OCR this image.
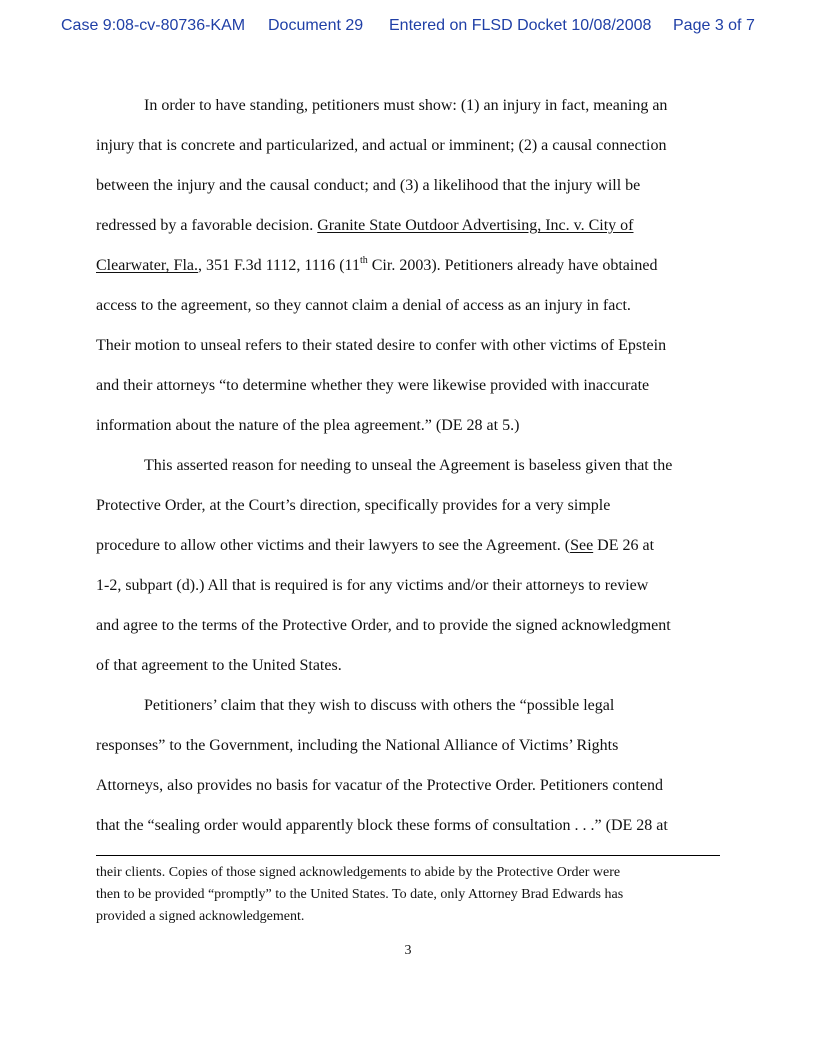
Case 9:08-cv-80736-KAM Document 29 Entered on FLSD Docket 10/08/2008 Page 3 of 7
In order to have standing, petitioners must show: (1) an injury in fact, meaning an
injury that is concrete and particularized, and actual or imminent; (2) a causal connection
between the injury and the causal conduct; and (3) a likelihood that the injury will be
redressed by a favorable decision. Granite State Outdoor Advertising, Inc. v. City of
Clearwater, Fla., 351 F.3d 1112, 1116 (11th Cir. 2003). Petitioners already have obtained
access to the agreement, so they cannot claim a denial of access as an injury in fact.
Their motion to unseal refers to their stated desire to confer with other victims of Epstein
and their attorneys “to determine whether they were likewise provided with inaccurate
information about the nature of the plea agreement.” (DE 28 at 5.)
This asserted reason for needing to unseal the Agreement is baseless given that the
Protective Order, at the Court’s direction, specifically provides for a very simple
procedure to allow other victims and their lawyers to see the Agreement. (See DE 26 at
1-2, subpart (d).) All that is required is for any victims and/or their attorneys to review
and agree to the terms of the Protective Order, and to provide the signed acknowledgment
of that agreement to the United States.
Petitioners’ claim that they wish to discuss with others the “possible legal
responses” to the Government, including the National Alliance of Victims’ Rights
Attorneys, also provides no basis for vacatur of the Protective Order. Petitioners contend
that the “sealing order would apparently block these forms of consultation . . .” (DE 28 at
their clients. Copies of those signed acknowledgements to abide by the Protective Order were
then to be provided “promptly” to the United States. To date, only Attorney Brad Edwards has
provided a signed acknowledgement.
3
